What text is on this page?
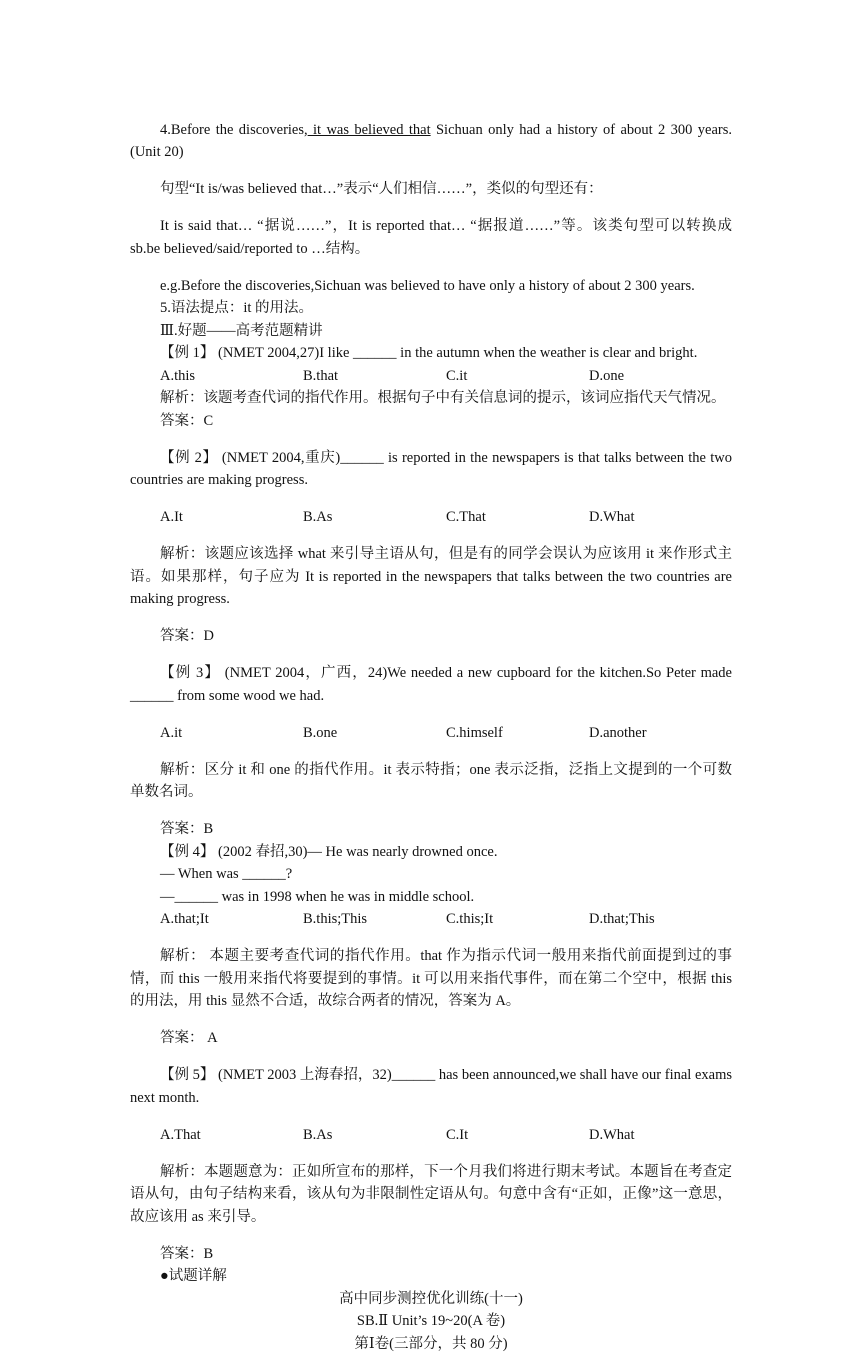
4.Before the discoveries, it was believed that Sichuan only had a history of about 2 300 years.(Unit 20)

句型“It is/was believed that…”表示“人们相信……”，类似的句型还有：

It is said that… “据说……”，It is reported that… “据报道……”等。该类句型可以转换成 sb.be believed/said/reported to …结构。

e.g.Before the discoveries,Sichuan was believed to have only a history of about 2 300 years.

5.语法提点：it 的用法。

Ⅲ.好题——高考范题精讲

【例 1】 (NMET 2004,27)I like ______ in the autumn when the weather is clear and bright.

A.this	B.that	C.it	D.one

解析：该题考查代词的指代作用。根据句子中有关信息词的提示，该词应指代天气情况。

答案：C

【例 2】 (NMET 2004,重庆)______ is reported in the newspapers is that talks between the two countries are making progress.

A.It	B.As	C.That	D.What

解析：该题应该选择 what 来引导主语从句，但是有的同学会误认为应该用 it 来作形式主语。如果那样，句子应为 It is reported in the newspapers that talks between the two countries are making progress.

答案：D

【例 3】 (NMET 2004，广西，24)We needed a new cupboard for the kitchen.So Peter made ______ from some wood we had.

A.it	B.one	C.himself	D.another

解析：区分 it 和 one 的指代作用。it 表示特指；one 表示泛指，泛指上文提到的一个可数单数名词。

答案：B

【例 4】 (2002 春招,30)— He was nearly drowned once.

— When was ______?

—______ was in 1998 when he was in middle school.

A.that;It	B.this;This	C.this;It	D.that;This

解析： 本题主要考查代词的指代作用。that 作为指示代词一般用来指代前面提到过的事情，而 this 一般用来指代将要提到的事情。it 可以用来指代事件，而在第二个空中，根据 this 的用法，用 this 显然不合适，故综合两者的情况，答案为 A。

答案： A

【例 5】 (NMET 2003 上海春招，32)______ has been announced,we shall have our final exams next month.

A.That	B.As	C.It	D.What

解析：本题题意为：正如所宣布的那样，下一个月我们将进行期末考试。本题旨在考查定语从句，由句子结构来看，该从句为非限制性定语从句。句意中含有“正如，正像”这一意思，故应该用 as 来引导。

答案：B

●试题详解

高中同步测控优化训练(十一)

SB.Ⅱ Unit’s 19~20(A 卷)

第Ⅰ卷(三部分，共 80 分)
